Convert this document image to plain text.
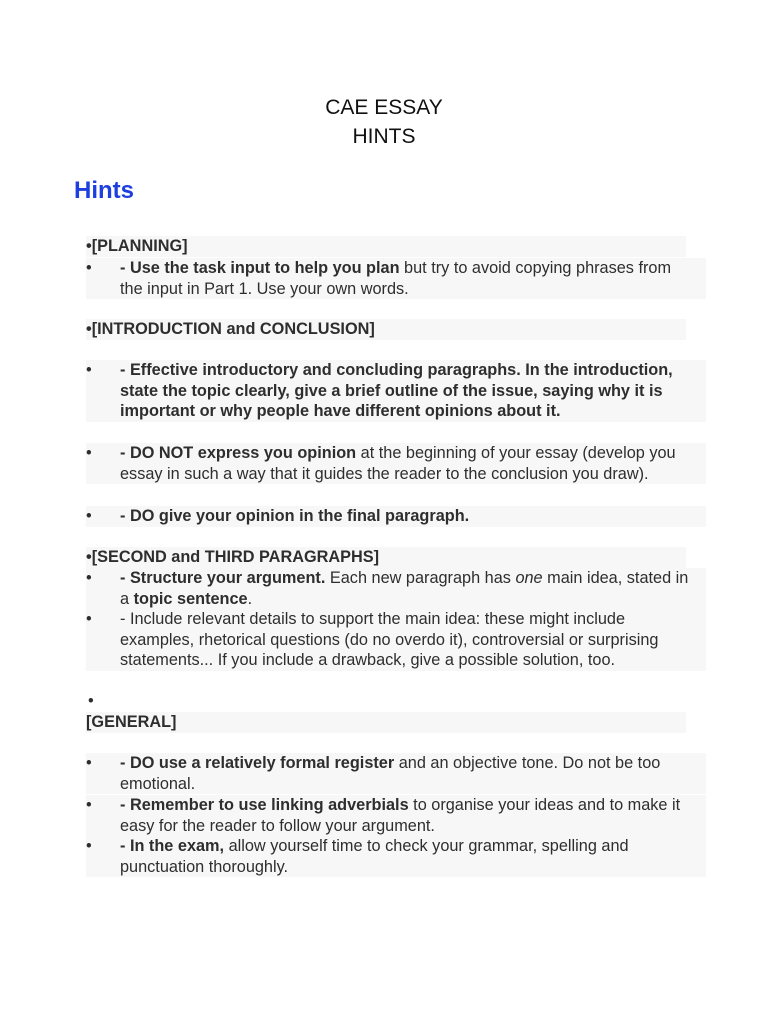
CAE ESSAY
HINTS
Hints
•[PLANNING]
•	- Use the task input to help you plan but try to avoid copying phrases from the input in Part 1. Use your own words.
•[INTRODUCTION and CONCLUSION]
•	- Effective introductory and concluding paragraphs. In the introduction, state the topic clearly, give a brief outline of the issue, saying why it is important or why people have different opinions about it.
•	- DO NOT express you opinion at the beginning of your essay (develop you essay in such a way that it guides the reader to the conclusion you draw).
•	- DO give your opinion in the final paragraph.
•[SECOND and THIRD PARAGRAPHS]
•	- Structure your argument. Each new paragraph has one main idea, stated in a topic sentence.
•	- Include relevant details to support the main idea: these might include examples, rhetorical questions (do no overdo it), controversial or surprising statements... If you include a drawback, give a possible solution, too.
•
[GENERAL]
•	- DO use a relatively formal register and an objective tone. Do not be too emotional.
•	- Remember to use linking adverbials to organise your ideas and to make it easy for the reader to follow your argument.
•	- In the exam, allow yourself time to check your grammar, spelling and punctuation thoroughly.
